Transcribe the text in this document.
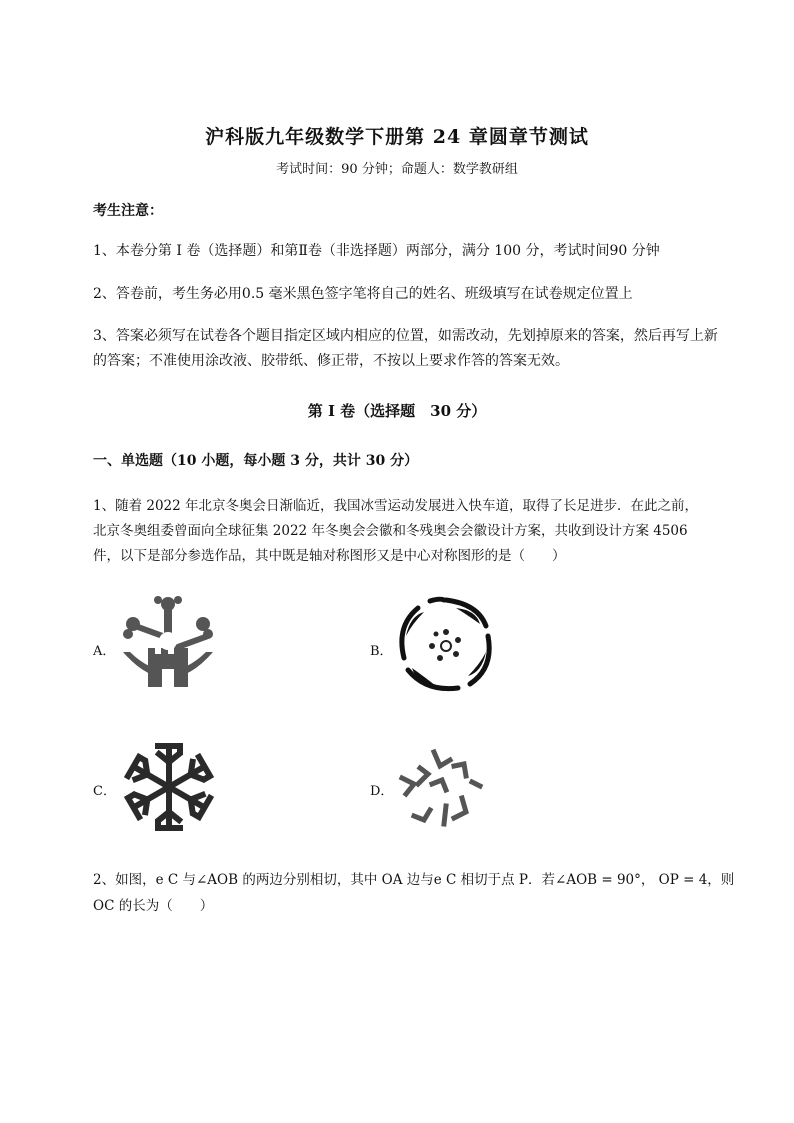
沪科版九年级数学下册第 24 章圆章节测试
考试时间：90 分钟；命题人：数学教研组
考生注意：
1、本卷分第 I 卷（选择题）和第Ⅱ卷（非选择题）两部分，满分 100 分，考试时间90 分钟
2、答卷前，考生务必用0.5 毫米黑色签字笔将自己的姓名、班级填写在试卷规定位置上
3、答案必须写在试卷各个题目指定区域内相应的位置，如需改动，先划掉原来的答案，然后再写上新
的答案；不准使用涂改液、胶带纸、修正带，不按以上要求作答的答案无效。
第 I 卷（选择题　30 分）
一、单选题（10 小题，每小题 3 分，共计 30 分）
1、随着 2022 年北京冬奥会日渐临近，我国冰雪运动发展进入快车道，取得了长足进步．在此之前，
北京冬奥组委曾面向全球征集 2022 年冬奥会会徽和冬残奥会会徽设计方案，共收到设计方案 4506
件，以下是部分参选作品，其中既是轴对称图形又是中心对称图形的是（　　）
A．	B．
C．	D．
2、如图，e C 与∠AOB 的两边分别相切，其中 OA 边与e C 相切于点 P．若∠AOB = 90°， OP = 4，则
OC 的长为（　　）
